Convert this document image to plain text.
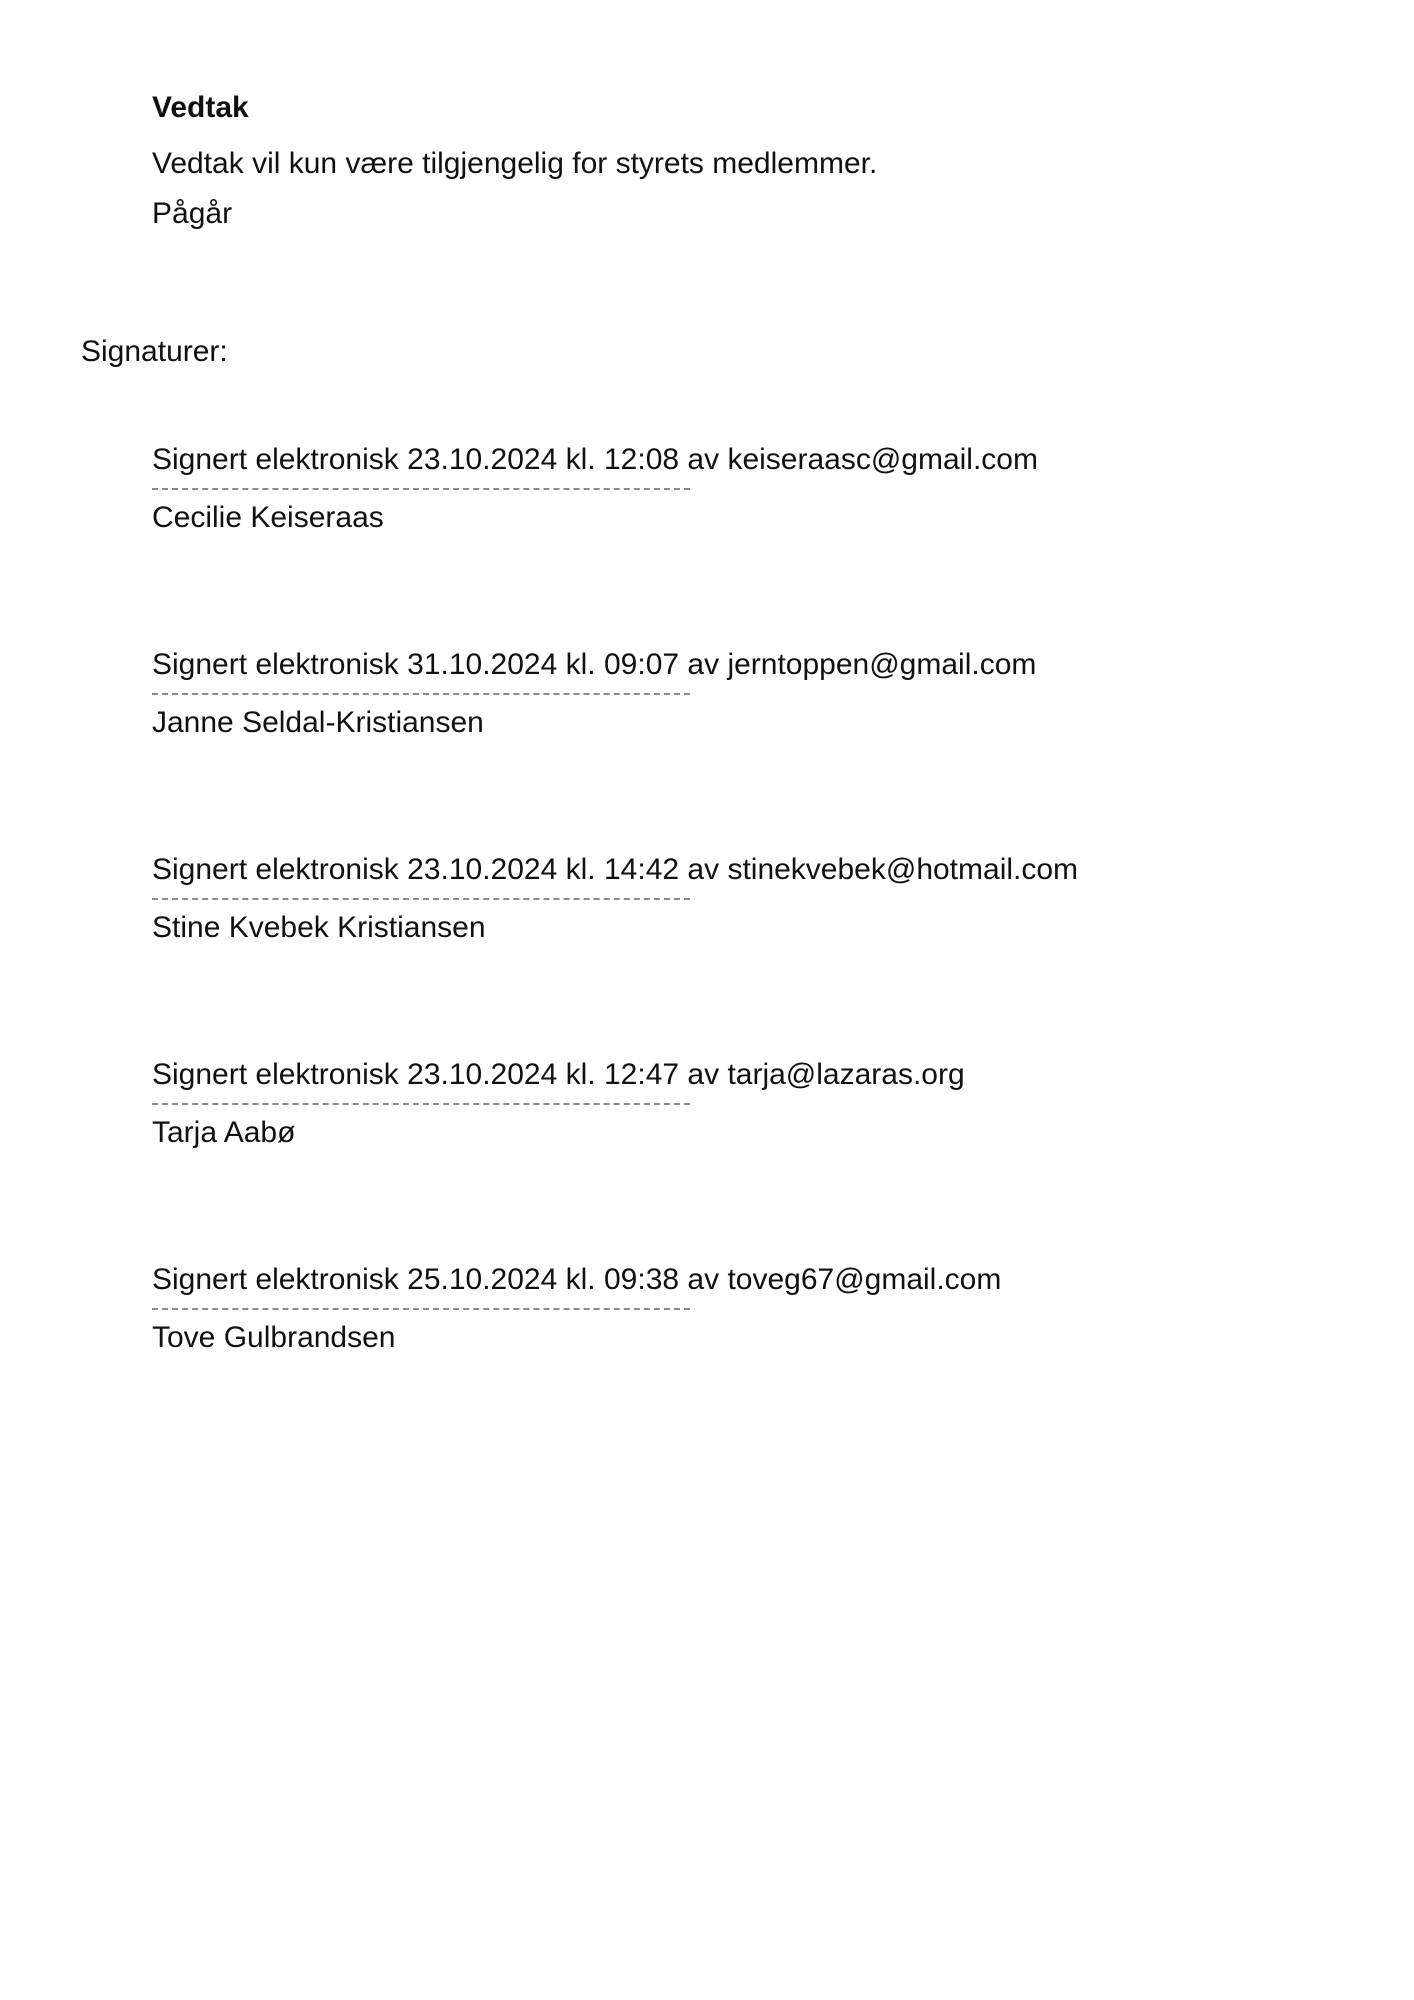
Vedtak
Vedtak vil kun være tilgjengelig for styrets medlemmer.
Pågår
Signaturer:
Signert elektronisk 23.10.2024 kl. 12:08 av keiseraasc@gmail.com
Cecilie Keiseraas
Signert elektronisk 31.10.2024 kl. 09:07 av jerntoppen@gmail.com
Janne Seldal-Kristiansen
Signert elektronisk 23.10.2024 kl. 14:42 av stinekvebek@hotmail.com
Stine Kvebek Kristiansen
Signert elektronisk 23.10.2024 kl. 12:47 av tarja@lazaras.org
Tarja Aabø
Signert elektronisk 25.10.2024 kl. 09:38 av toveg67@gmail.com
Tove Gulbrandsen
